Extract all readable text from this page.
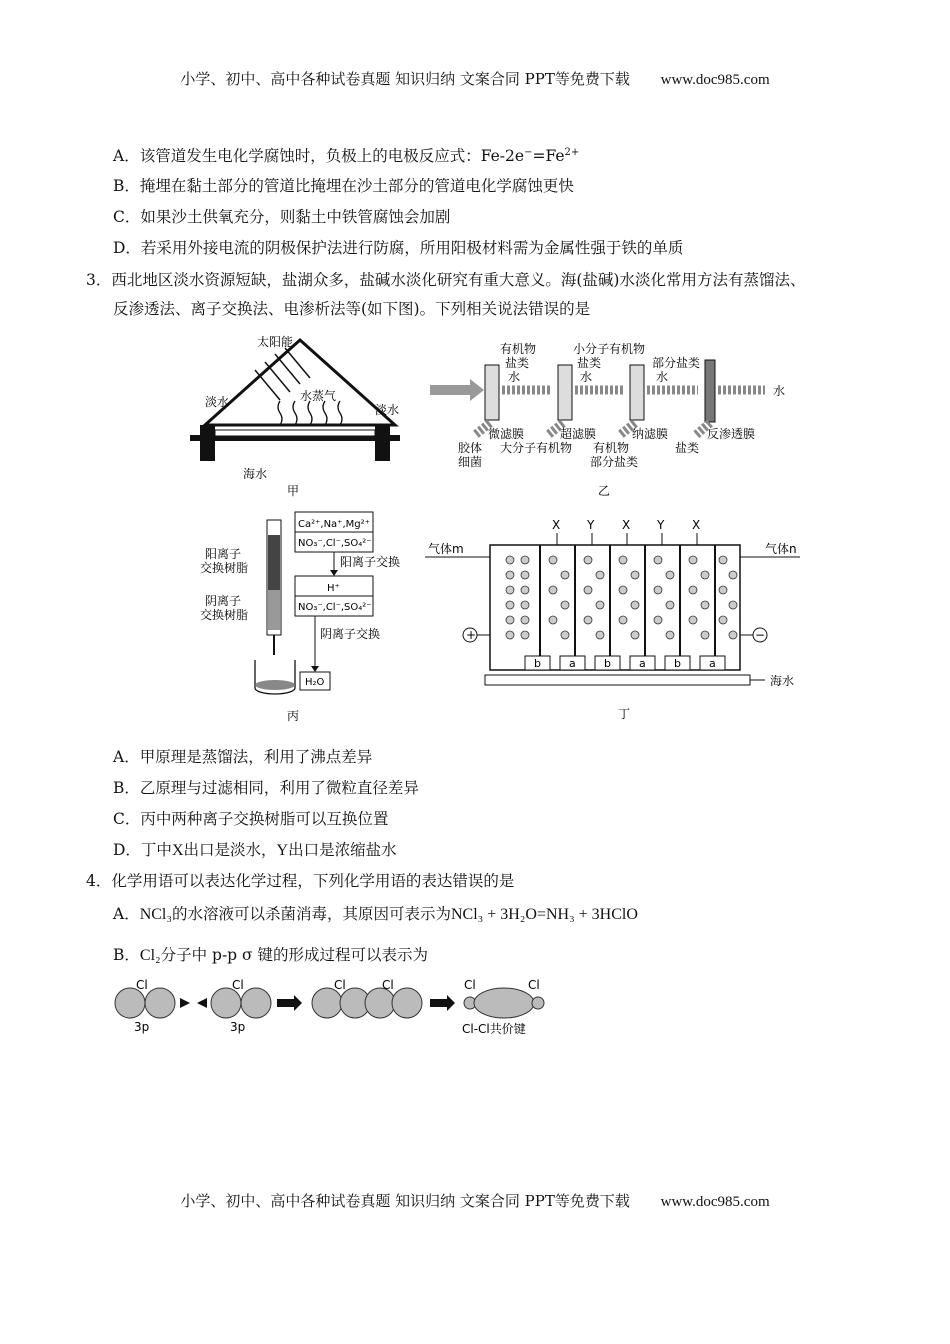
小学、初中、高中各种试卷真题 知识归纳 文案合同 PPT等免费下载 www.doc985.com
A．该管道发生电化学腐蚀时，负极上的电极反应式：$Fe-2e^-=Fe^{2+}$
B．掩埋在黏土部分的管道比掩埋在沙土部分的管道电化学腐蚀更快
C．如果沙土供氧充分，则黏土中铁管腐蚀会加剧
D．若采用外接电流的阴极保护法进行防腐，所用阳极材料需为金属性强于铁的单质
3．西北地区淡水资源短缺，盐湖众多，盐碱水淡化研究有重大意义。海(盐碱)水淡化常用方法有蒸馏法、
反渗透法、离子交换法、电渗析法等(如下图)。下列相关说法错误的是
太阳能
淡水	水蒸气
淡水
海水
甲
有机物
盐类
水
小分子有机物
盐类
水
部分盐类
水
水
微滤膜	超滤膜	纳滤膜	反渗透膜
胶体
细菌
大分子有机物 有机物
部分盐类
盐类
乙
阳离子
交换树脂
阴离子
交换树脂
Ca²⁺,Na⁺,Mg²⁺
NO₃⁻,Cl⁻,SO₄²⁻
阳离子交换
H⁺
NO₃⁻,Cl⁻,SO₄²⁻
阴离子交换
H₂O
丙
+	−
气体m	气体n
X Y X Y X
b	a	b	a	b	a
海水
丁
A．甲原理是蒸馏法，利用了沸点差异
B．乙原理与过滤相同，利用了微粒直径差异
C．丙中两种离子交换树脂可以互换位置
D．丁中X出口是淡水，Y出口是浓缩盐水
4．化学用语可以表达化学过程，下列化学用语的表达错误的是
A．NCl₃的水溶液可以杀菌消毒，其原因可表示为NCl₃ + 3H₂O=NH₃ + 3HClO
B．Cl₂分子中 p-p σ 键的形成过程可以表示为
Cl
3p
Cl
3p
Cl	Cl	Cl	Cl
Cl-Cl共价键
小学、初中、高中各种试卷真题 知识归纳 文案合同 PPT等免费下载 www.doc985.com
